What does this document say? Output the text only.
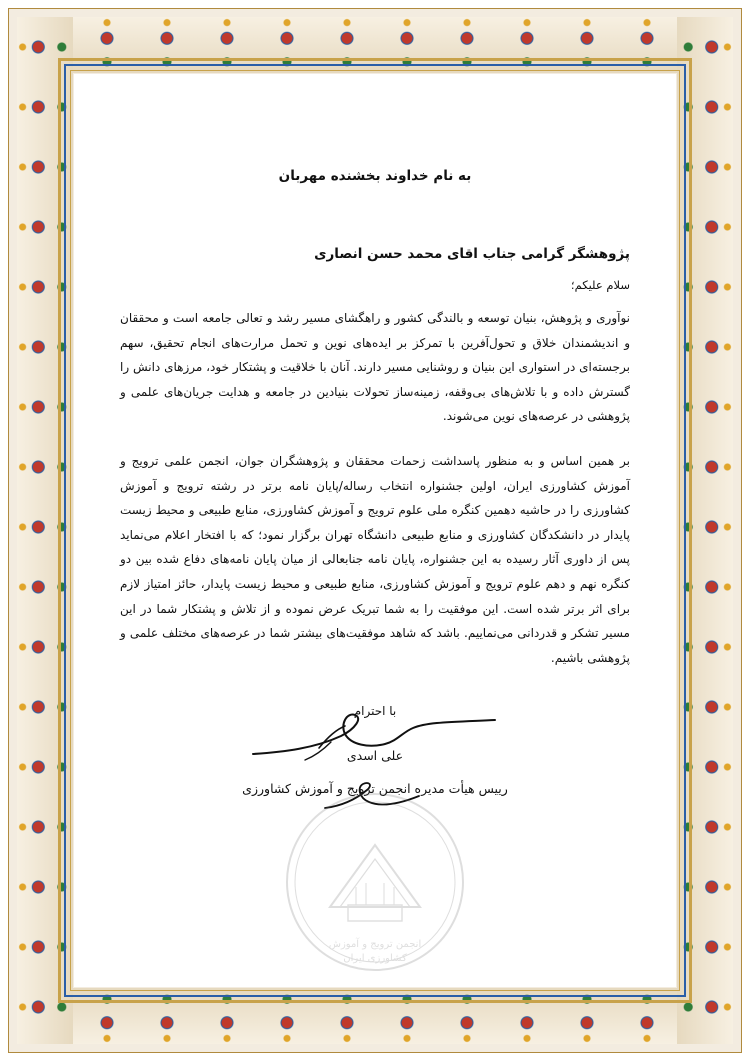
به نام خداوند بخشنده مهربان

پژوهشگر گرامی جناب اقای محمد حسن انصاری

سلام علیکم؛

نوآوری و پژوهش، بنیان توسعه و بالندگی کشور و راهگشای مسیر رشد و تعالی جامعه است و محققان و اندیشمندان خلاق و تحول‌آفرین با تمرکز بر ایده‌های نوین و تحمل مرارت‌های انجام تحقیق، سهم برجسته‌ای در استواری این بنیان و روشنایی مسیر دارند. آنان با خلاقیت و پشتکار خود، مرزهای دانش را گسترش داده و با تلاش‌های بی‌وقفه، زمینه‌ساز تحولات بنیادین در جامعه و هدایت جریان‌های علمی و پژوهشی در عرصه‌های نوین می‌شوند.

بر همین اساس و به منظور پاسداشت زحمات محققان و پژوهشگران جوان، انجمن علمی ترویج و آموزش کشاورزی ایران، اولین جشنواره انتخاب رساله/پایان نامه برتر در رشته ترویج و آموزش کشاورزی را در حاشیه دهمین کنگره ملی علوم ترویج و آموزش کشاورزی، منابع طبیعی و محیط زیست پایدار در دانشکدگان کشاورزی و منابع طبیعی دانشگاه تهران برگزار نمود؛ که با افتخار اعلام می‌نماید پس از داوری آثار رسیده به این جشنواره، پایان نامه جنابعالی از میان پایان نامه‌های دفاع شده بین دو کنگره نهم و دهم علوم ترویج و آموزش کشاورزی، منابع طبیعی و محیط زیست پایدار، حائز امتیاز لازم برای اثر برتر شده است. این موفقیت را به شما تبریک عرض نموده و از تلاش و پشتکار شما در این مسیر تشکر و قدردانی می‌نماییم. باشد که شاهد موفقیت‌های بیشتر شما در عرصه‌های مختلف علمی و پژوهشی باشیم.

با احترام

علی اسدی

ریيس هیأت مدیره انجمن ترویج و آموزش کشاورزی

انجمن ترویج و آموزش
کشاورزی ایران
